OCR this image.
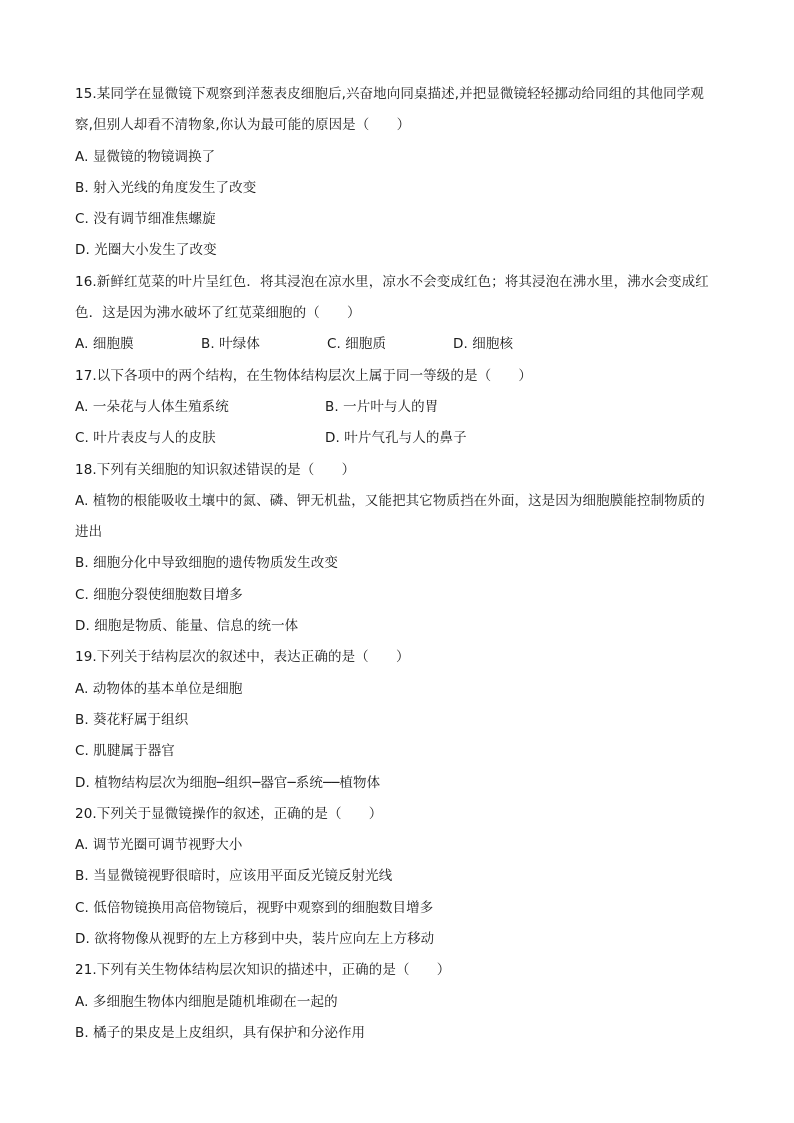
15.某同学在显微镜下观察到洋葱表皮细胞后,兴奋地向同桌描述,并把显微镜轻轻挪动给同组的其他同学观
察,但别人却看不清物象,你认为最可能的原因是（　　）
A. 显微镜的物镜调换了
B. 射入光线的角度发生了改变
C. 没有调节细准焦螺旋
D. 光圈大小发生了改变
16.新鲜红苋菜的叶片呈红色．将其浸泡在凉水里，凉水不会变成红色；将其浸泡在沸水里，沸水会变成红
色．这是因为沸水破坏了红苋菜细胞的（　　）
A. 细胞膜	B. 叶绿体	C. 细胞质	D. 细胞核
17.以下各项中的两个结构，在生物体结构层次上属于同一等级的是（　　）
A. 一朵花与人体生殖系统	B. 一片叶与人的胃
C. 叶片表皮与人的皮肤	D. 叶片气孔与人的鼻子
18.下列有关细胞的知识叙述错误的是（　　）
A. 植物的根能吸收土壤中的氮、磷、钾无机盐，又能把其它物质挡在外面，这是因为细胞膜能控制物质的
进出
B. 细胞分化中导致细胞的遗传物质发生改变
C. 细胞分裂使细胞数目增多
D. 细胞是物质、能量、信息的统一体
19.下列关于结构层次的叙述中，表达正确的是（　　）
A. 动物体的基本单位是细胞
B. 葵花籽属于组织
C. 肌腱属于器官
D. 植物结构层次为细胞─组织─器官─系统──植物体
20.下列关于显微镜操作的叙述，正确的是（　　）
A. 调节光圈可调节视野大小
B. 当显微镜视野很暗时，应该用平面反光镜反射光线
C. 低倍物镜换用高倍物镜后，视野中观察到的细胞数目增多
D. 欲将物像从视野的左上方移到中央，装片应向左上方移动
21.下列有关生物体结构层次知识的描述中，正确的是（　　）
A. 多细胞生物体内细胞是随机堆砌在一起的
B. 橘子的果皮是上皮组织，具有保护和分泌作用
